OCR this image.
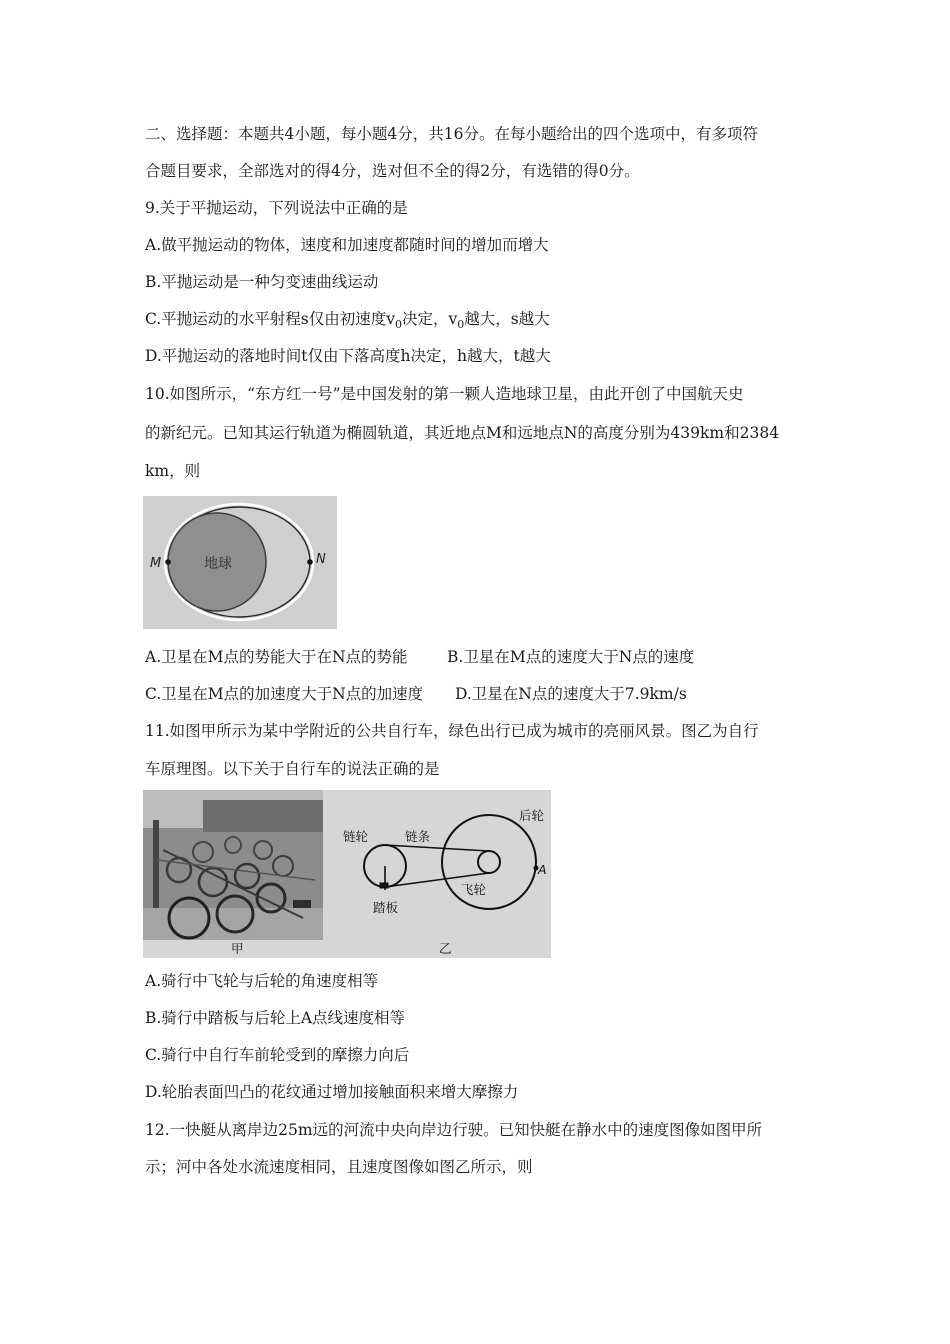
二、选择题：本题共4小题，每小题4分，共16分。在每小题给出的四个选项中，有多项符
合题目要求，全部选对的得4分，选对但不全的得2分，有选错的得0分。
9.关于平抛运动，下列说法中正确的是
A.做平抛运动的物体，速度和加速度都随时间的增加而增大
B.平抛运动是一种匀变速曲线运动
C.平抛运动的水平射程s仅由初速度$v_0$决定，$v_0$越大，s越大
D.平抛运动的落地时间t仅由下落高度h决定，h越大，t越大
10.如图所示，“东方红一号”是中国发射的第一颗人造地球卫星，由此开创了中国航天史
的新纪元。已知其运行轨道为椭圆轨道，其近地点M和远地点N的高度分别为439km和2384
km，则
M	N
地球
A.卫星在M点的势能大于在N点的势能	B.卫星在M点的速度大于N点的速度
C.卫星在M点的加速度大于N点的加速度 D.卫星在N点的速度大于7.9km/s
11.如图甲所示为某中学附近的公共自行车，绿色出行已成为城市的亮丽风景。图乙为自行
车原理图。以下关于自行车的说法正确的是
链轮	链条
后轮
飞轮
踏板
A
甲	乙
A.骑行中飞轮与后轮的角速度相等
B.骑行中踏板与后轮上A点线速度相等
C.骑行中自行车前轮受到的摩擦力向后
D.轮胎表面凹凸的花纹通过增加接触面积来增大摩擦力
12.一快艇从离岸边25m远的河流中央向岸边行驶。已知快艇在静水中的速度图像如图甲所
示；河中各处水流速度相同，且速度图像如图乙所示，则
